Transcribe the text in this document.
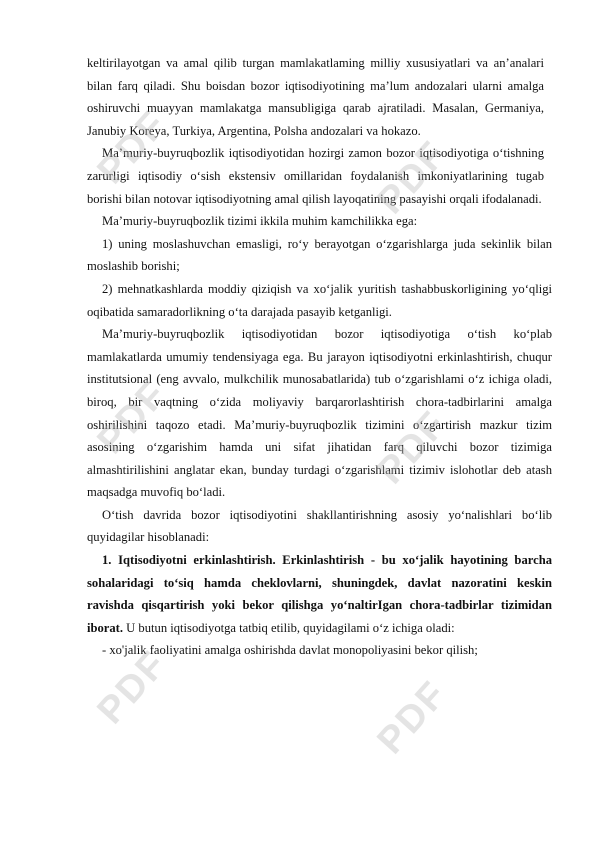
keltirilayotgan va amal qilib turgan mamlakatlaming milliy xususiyatlari va an’analari bilan farq qiladi. Shu boisdan bozor iqtisodiyotining ma’lum andozalari ularni amalga oshiruvchi muayyan mamlakatga mansubligiga qarab ajratiladi. Masalan, Germaniya, Janubiy Koreya, Turkiya, Argentina, Polsha andozalari va hokazo.

Ma’muriy-buyruqbozlik iqtisodiyotidan hozirgi zamon bozor iqtisodiyotiga o‘tishning zarurligi iqtisodiy o‘sish ekstensiv omillaridan foydalanish imkoniyatlarining tugab borishi bilan notovar iqtisodiyotning amal qilish layoqatining pasayishi orqali ifodalanadi.

Ma’muriy-buyruqbozlik tizimi ikkila muhim kamchilikka ega:

1) uning moslashuvchan emasligi, ro‘y berayotgan o‘zgarishlarga juda sekinlik bilan moslashib borishi;

2) mehnatkashlarda moddiy qiziqish va xo‘jalik yuritish tashabbuskorligining yo‘qligi oqibatida samaradorlikning o‘ta darajada pasayib ketganligi.

Ma’muriy-buyruqbozlik iqtisodiyotidan bozor iqtisodiyotiga o‘tish ko‘plab mamlakatlarda umumiy tendensiyaga ega. Bu jarayon iqtisodiyotni erkinlashtirish, chuqur institutsional (eng avvalo, mulkchilik munosabatlarida) tub o‘zgarishlami o‘z ichiga oladi, biroq, bir vaqtning o‘zida moliyaviy barqarorlashtirish chora-tadbirlarini amalga oshirilishini taqozo etadi. Ma’muriy-buyruqbozlik tizimini o‘zgartirish mazkur tizim asosining o‘zgarishim hamda uni sifat jihatidan farq qiluvchi bozor tizimiga almashtirilishini anglatar ekan, bunday turdagi o‘zgarishlami tizimiv islohotlar deb atash maqsadga muvofiq bo‘ladi.

O‘tish davrida bozor iqtisodiyotini shakllantirishning asosiy yo‘nalishlari bo‘lib quyidagilar hisoblanadi:

1. Iqtisodiyotni erkinlashtirish. Erkinlashtirish - bu xo‘jalik hayotining barcha sohalaridagi to‘siq hamda cheklovlarni, shuningdek, davlat nazoratini keskin ravishda qisqartirish yoki bekor qilishga yo‘naltirIgan chora-tadbirlar tizimidan iborat. U butun iqtisodiyotga tatbiq etilib, quyidagilami o‘z ichiga oladi:

- xo'jalik faoliyatini amalga oshirishda davlat monopoliyasini bekor qilish;

PDF	PDF
PDF	PDF
PDF	PDF
